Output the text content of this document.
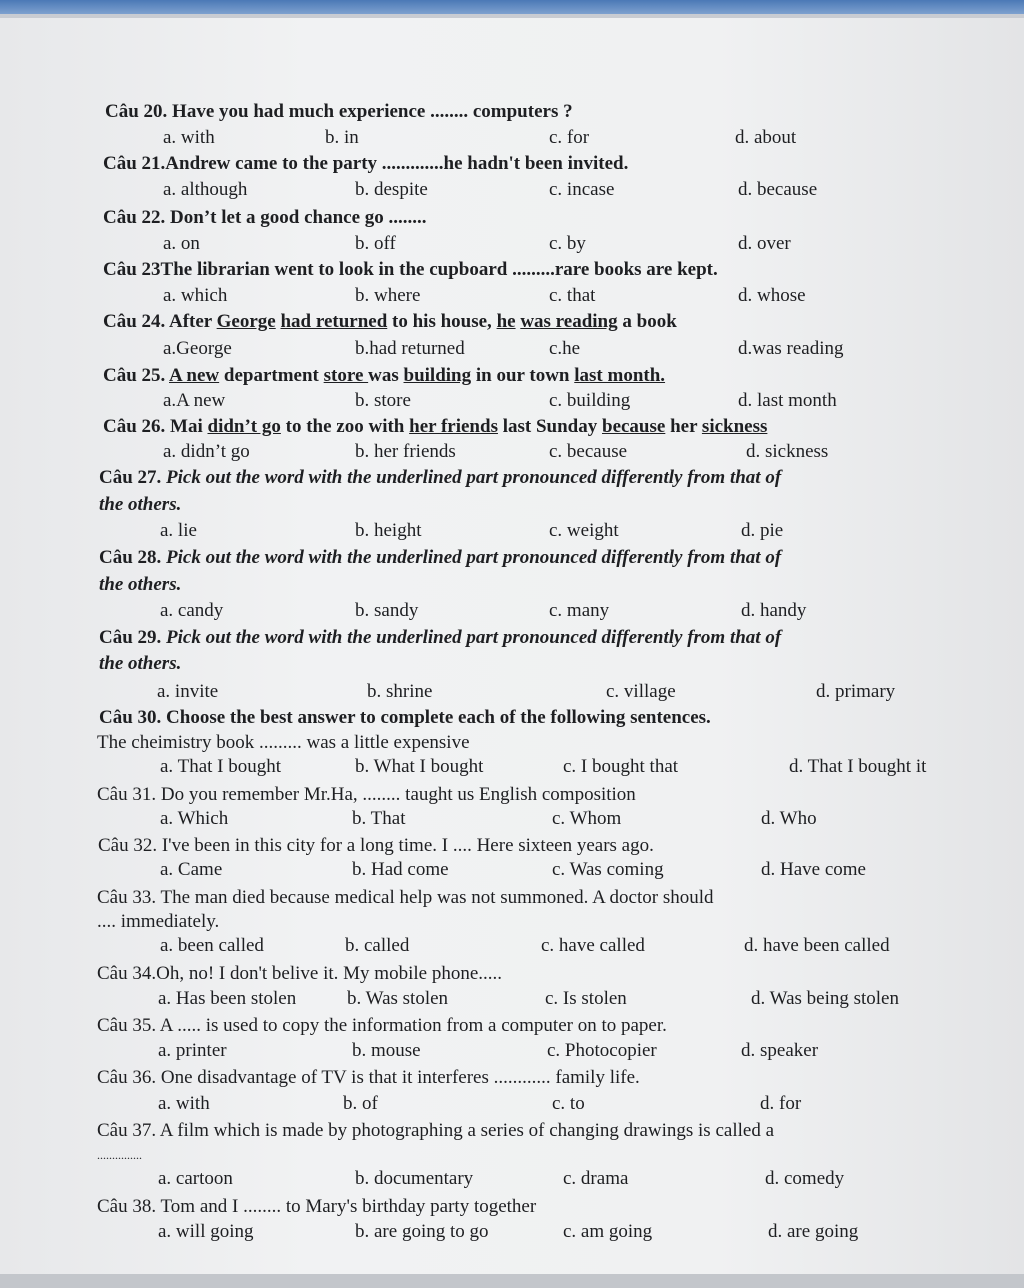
Câu 20. Have you had much experience ........ computers ?
a. with	b. in	c. for	d. about
Câu 21.Andrew came to the party .............he hadn't been invited.
a. although	b. despite	c. incase	d. because
Câu 22. Don’t let a good chance go ........
a. on	b. off	c. by	d. over
Câu 23The librarian went to look in the cupboard .........rare books are kept.
a. which	b. where	c. that	d. whose
Câu 24. After George had returned to his house, he was reading a book
a.George	b.had returned	c.he	d.was reading
Câu 25. A new department store was building in our town last month.
a.A new	b. store	c. building	d. last month
Câu 26. Mai didn’t go to the zoo with her friends last Sunday because her sickness
a. didn’t go	b. her friends	c. because	d. sickness
Câu 27. Pick out the word with the underlined part pronounced differently from that of
the others.
a. lie	b. height	c. weight	d. pie
Câu 28. Pick out the word with the underlined part pronounced differently from that of
the others.
a. candy	b. sandy	c. many	d. handy
Câu 29. Pick out the word with the underlined part pronounced differently from that of
the others.
a. invite	b. shrine	c. village	d. primary
Câu 30. Choose the best answer to complete each of the following sentences.
The cheimistry book ......... was a little expensive
a. That I bought	b. What I bought	c. I bought that	d. That I bought it
Câu 31. Do you remember Mr.Ha, ........ taught us English composition
a. Which	b. That	c. Whom	d. Who
Câu 32. I've been in this city for a long time. I .... Here sixteen years ago.
a. Came	b. Had come	c. Was coming	d. Have come
Câu 33. The man died because medical help was not summoned. A doctor should
.... immediately.
a. been called	b. called	c. have called	d. have been called
Câu 34.Oh, no! I don't belive it. My mobile phone.....
a. Has been stolen	b. Was stolen	c. Is stolen	d. Was being stolen
Câu 35. A ..... is used to copy the information from a computer on to paper.
a. printer	b. mouse	c. Photocopier	d. speaker
Câu 36. One disadvantage of TV is that it interferes ............ family life.
a. with	b. of	c. to	d. for
Câu 37. A film which is made by photographing a series of changing drawings is called a
...............
a. cartoon	b. documentary	c. drama	d. comedy
Câu 38. Tom and I ........ to Mary's birthday party together
a. will going	b. are going to go	c. am going	d. are going
